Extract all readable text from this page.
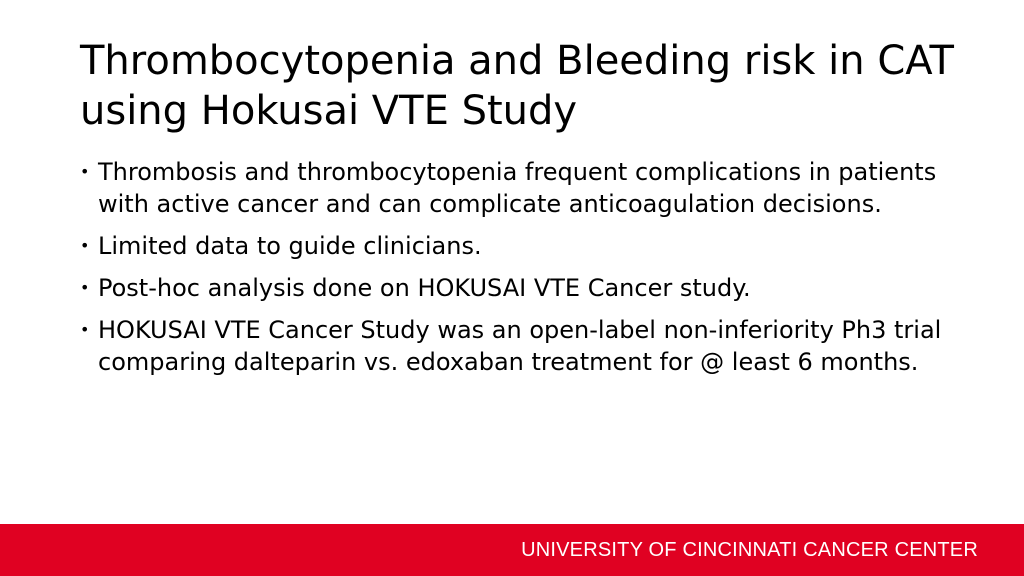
Thrombocytopenia and Bleeding risk in CAT using Hokusai VTE Study
• Thrombosis and thrombocytopenia frequent complications in patients with active cancer and can complicate anticoagulation decisions.
• Limited data to guide clinicians.
• Post-hoc analysis done on HOKUSAI VTE Cancer study.
• HOKUSAI VTE Cancer Study was an open-label non-inferiority Ph3 trial comparing dalteparin vs. edoxaban treatment for @ least 6 months.

UNIVERSITY OF CINCINNATI CANCER CENTER
